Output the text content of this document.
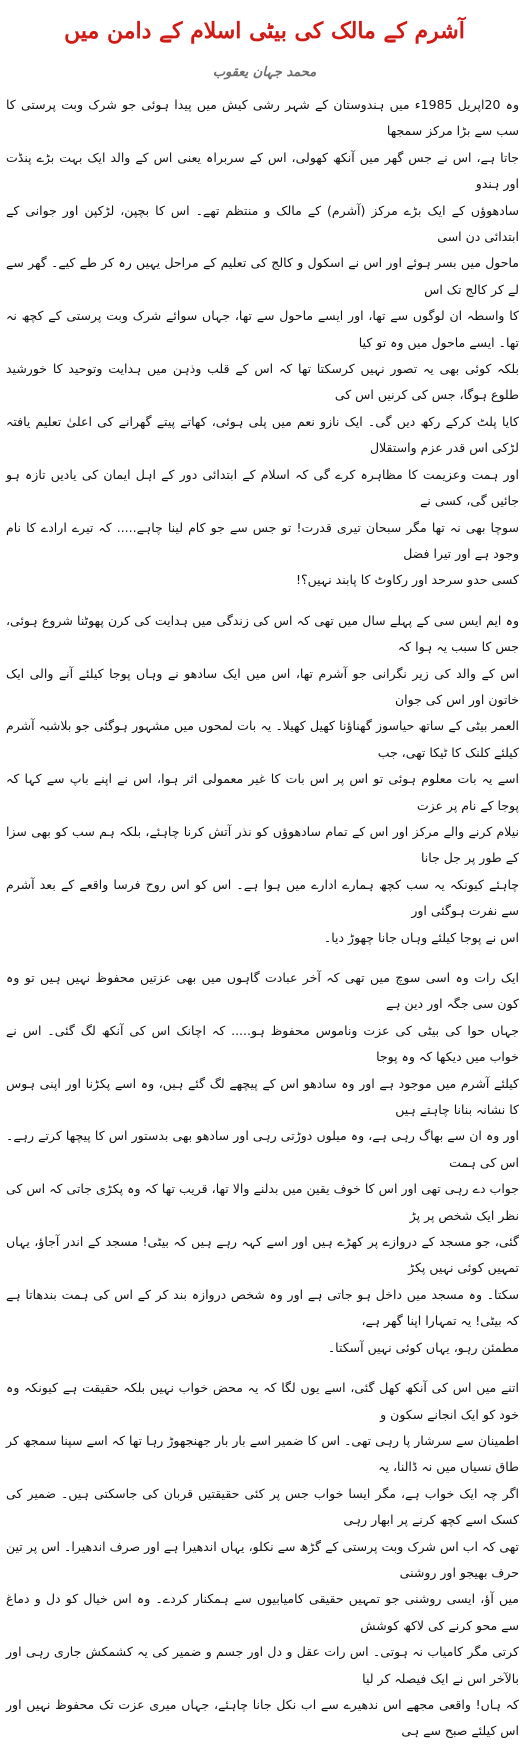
آشرم کے مالک کی بیٹی اسلام کے دامن میں
محمد جہان یعقوب

وہ 20اپریل 1985ء میں ہندوستان کے شہر رشی کیش میں پیدا ہوئی جو شرک وبت پرستی کا سب سے بڑا مرکز سمجھا
جاتا ہے، اس نے جس گھر میں آنکھ کھولی، اس کے سربراہ یعنی اس کے والد ایک بہت بڑے پنڈت اور ہندو
سادھوؤں کے ایک بڑے مرکز (آشرم) کے مالک و منتظم تھے۔ اس کا بچپن، لڑکپن اور جوانی کے ابتدائی دن اسی
ماحول میں بسر ہوئے اور اس نے اسکول و کالج کی تعلیم کے مراحل یہیں رہ کر طے کیے۔ گھر سے لے کر کالج تک اس
کا واسطہ ان لوگوں سے تھا، اور ایسے ماحول سے تھا، جہاں سوائے شرک وبت پرستی کے کچھ نہ تھا۔ ایسے ماحول میں وہ تو کیا
بلکہ کوئی بھی یہ تصور نہیں کرسکتا تھا کہ اس کے قلب وذہن میں ہدایت وتوحید کا خورشید طلوع ہوگا، جس کی کرنیں اس کی
کایا پلٹ کرکے رکھ دیں گی۔ ایک نازو نعم میں پلی ہوئی، کھاتے پیتے گھرانے کی اعلیٰ تعلیم یافتہ لڑکی اس قدر عزم واستقلال
اور ہمت وعزیمت کا مظاہرہ کرے گی کہ اسلام کے ابتدائی دور کے اہل ایمان کی یادیں تازہ ہو جائیں گی، کسی نے
سوچا بھی نہ تھا مگر سبحان تیری قدرت! تو جس سے جو کام لینا چاہے..... کہ تیرے ارادے کا نام وجود ہے اور تیرا فضل
کسی حدو سرحد اور رکاوٹ کا پابند نہیں؟!

وہ ایم ایس سی کے پہلے سال میں تھی کہ اس کی زندگی میں ہدایت کی کرن پھوٹنا شروع ہوئی، جس کا سبب یہ ہوا کہ
اس کے والد کی زیر نگرانی جو آشرم تھا، اس میں ایک سادھو نے وہاں پوجا کیلئے آنے والی ایک خاتون اور اس کی جوان
العمر بیٹی کے ساتھ حیاسوز گھناؤنا کھیل کھیلا۔ یہ بات لمحوں میں مشہور ہوگئی جو بلاشبہ آشرم کیلئے کلنک کا ٹیکا تھی، جب
اسے یہ بات معلوم ہوئی تو اس پر اس بات کا غیر معمولی اثر ہوا، اس نے اپنے باپ سے کہا کہ پوجا کے نام پر عزت
نیلام کرنے والے مرکز اور اس کے تمام سادھوؤں کو نذر آتش کرنا چاہئے، بلکہ ہم سب کو بھی سزا کے طور پر جل جانا
چاہئے کیونکہ یہ سب کچھ ہمارے ادارے میں ہوا ہے۔ اس کو اس روح فرسا واقعے کے بعد آشرم سے نفرت ہوگئی اور
اس نے پوجا کیلئے وہاں جانا چھوڑ دیا۔

ایک رات وہ اسی سوچ میں تھی کہ آخر عبادت گاہوں میں بھی عزتیں محفوظ نہیں ہیں تو وہ کون سی جگہ اور دین ہے
جہاں حوا کی بیٹی کی عزت وناموس محفوظ ہو..... کہ اچانک اس کی آنکھ لگ گئی۔ اس نے خواب میں دیکھا کہ وہ پوجا
کیلئے آشرم میں موجود ہے اور وہ سادھو اس کے پیچھے لگ گئے ہیں، وہ اسے پکڑنا اور اپنی ہوس کا نشانہ بنانا چاہتے ہیں
اور وہ ان سے بھاگ رہی ہے، وہ میلوں دوڑتی رہی اور سادھو بھی بدستور اس کا پیچھا کرتے رہے۔ اس کی ہمت
جواب دے رہی تھی اور اس کا خوف یقین میں بدلنے والا تھا، قریب تھا کہ وہ پکڑی جاتی کہ اس کی نظر ایک شخص پر پڑ
گئی، جو مسجد کے دروازے پر کھڑے ہیں اور اسے کہہ رہے ہیں کہ بیٹی! مسجد کے اندر آجاؤ، یہاں تمہیں کوئی نہیں پکڑ
سکتا۔ وہ مسجد میں داخل ہو جاتی ہے اور وہ شخص دروازہ بند کر کے اس کی ہمت بندھاتا ہے کہ بیٹی! یہ تمہارا اپنا گھر ہے،
مطمئن رہو، یہاں کوئی نہیں آسکتا۔

اتنے میں اس کی آنکھ کھل گئی، اسے یوں لگا کہ یہ محض خواب نہیں بلکہ حقیقت ہے کیونکہ وہ خود کو ایک انجانے سکون و
اطمینان سے سرشار پا رہی تھی۔ اس کا ضمیر اسے بار بار جھنجھوڑ رہا تھا کہ اسے سپنا سمجھ کر طاق نسیاں میں نہ ڈالنا، یہ
اگر چہ ایک خواب ہے، مگر ایسا خواب جس پر کئی حقیقتیں قربان کی جاسکتی ہیں۔ ضمیر کی کسک اسے کچھ کرنے پر ابھار رہی
تھی کہ اب اس شرک وبت پرستی کے گڑھ سے نکلو، یہاں اندھیرا ہے اور صرف اندھیرا۔ اس پر تین حرف بھیجو اور روشنی
میں آؤ، ایسی روشنی جو تمہیں حقیقی کامیابیوں سے ہمکنار کردے۔ وہ اس خیال کو دل و دماغ سے محو کرنے کی لاکھ کوشش
کرتی مگر کامیاب نہ ہوتی۔ اس رات عقل و دل اور جسم و ضمیر کی یہ کشمکش جاری رہی اور بالآخر اس نے ایک فیصلہ کر لیا
کہ ہاں! واقعی مجھے اس ندھیرے سے اب نکل جانا چاہئے، جہاں میری عزت تک محفوظ نہیں اور اس کیلئے صبح سے ہی
